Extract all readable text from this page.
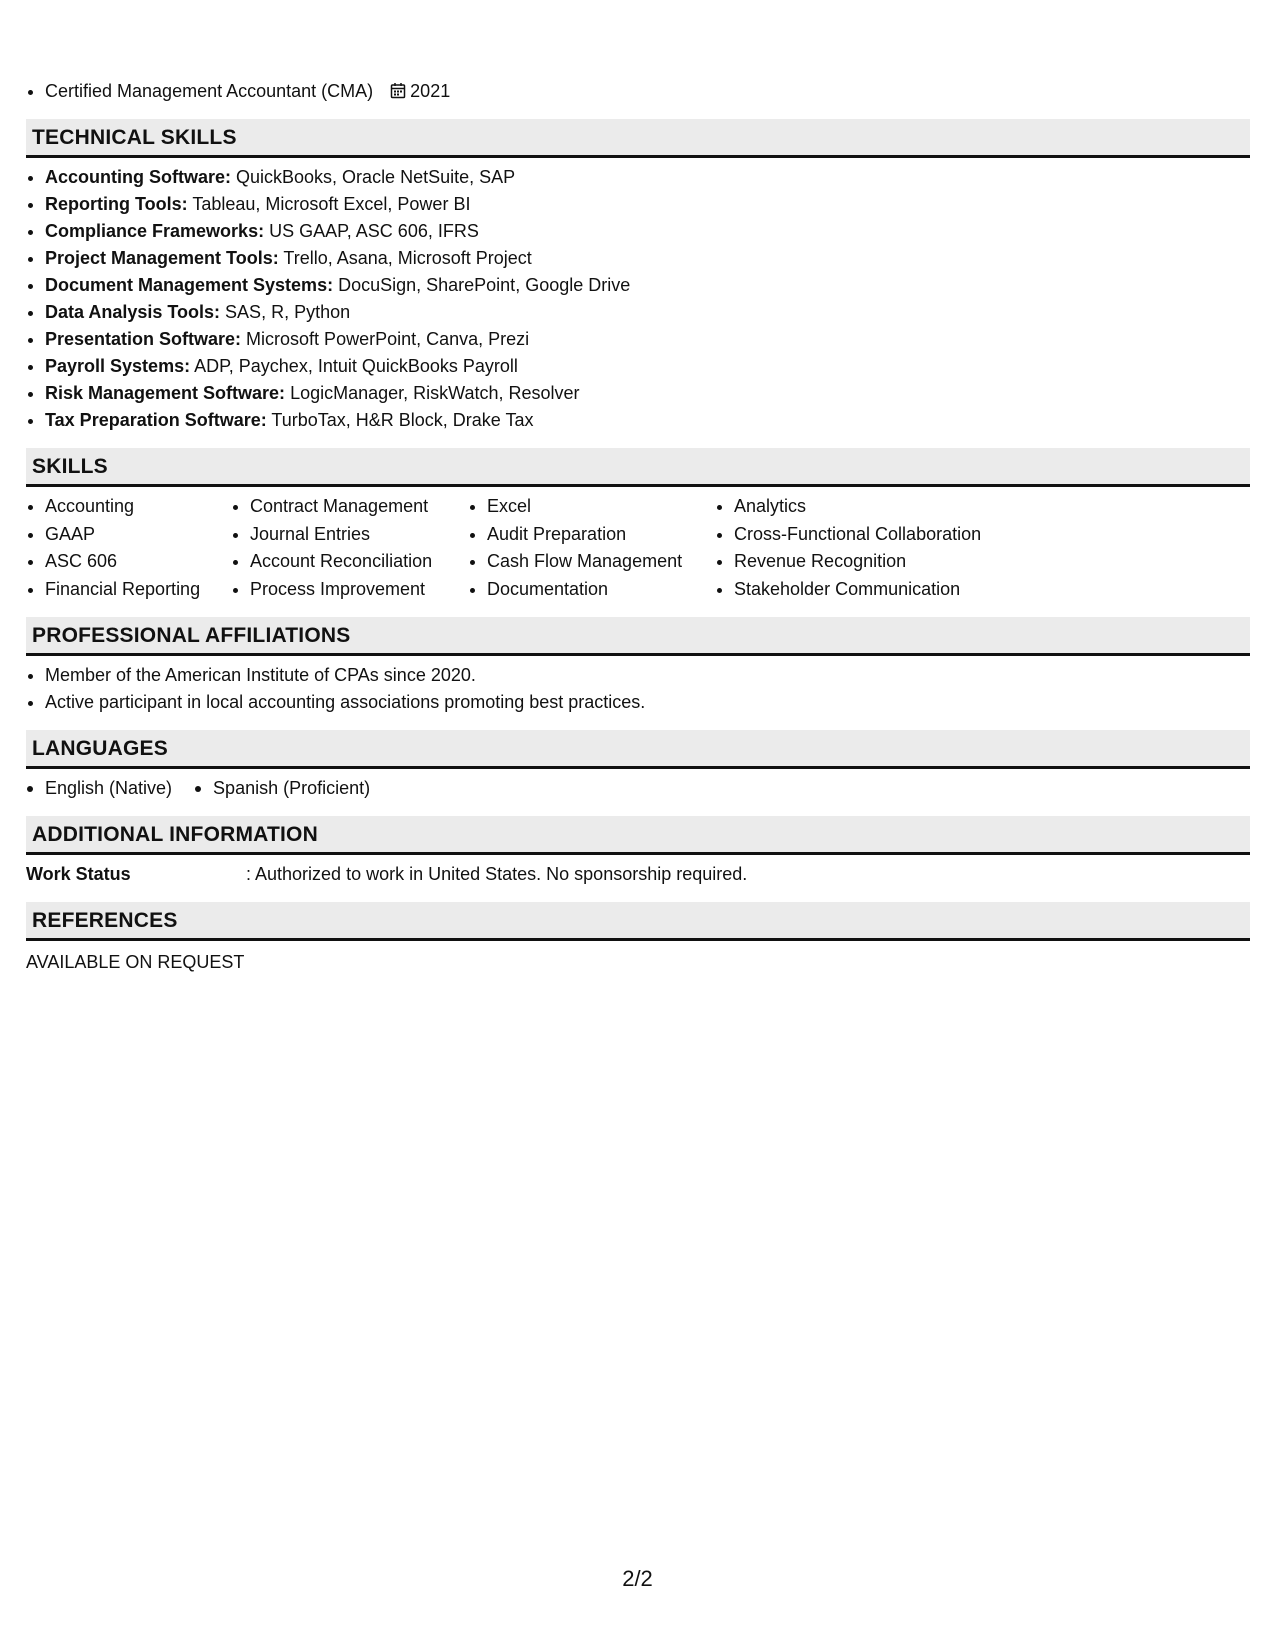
• Certified Management Accountant (CMA) 2021
TECHNICAL SKILLS
• Accounting Software: QuickBooks, Oracle NetSuite, SAP
• Reporting Tools: Tableau, Microsoft Excel, Power BI
• Compliance Frameworks: US GAAP, ASC 606, IFRS
• Project Management Tools: Trello, Asana, Microsoft Project
• Document Management Systems: DocuSign, SharePoint, Google Drive
• Data Analysis Tools: SAS, R, Python
• Presentation Software: Microsoft PowerPoint, Canva, Prezi
• Payroll Systems: ADP, Paychex, Intuit QuickBooks Payroll
• Risk Management Software: LogicManager, RiskWatch, Resolver
• Tax Preparation Software: TurboTax, H&R Block, Drake Tax
SKILLS
• Accounting
• GAAP
• ASC 606
• Financial Reporting
• Contract Management
• Journal Entries
• Account Reconciliation
• Process Improvement
• Excel
• Audit Preparation
• Cash Flow Management
• Documentation
• Analytics
• Cross-Functional Collaboration
• Revenue Recognition
• Stakeholder Communication
PROFESSIONAL AFFILIATIONS
• Member of the American Institute of CPAs since 2020.
• Active participant in local accounting associations promoting best practices.
LANGUAGES
English (Native)	Spanish (Proficient)
ADDITIONAL INFORMATION
Work Status	: Authorized to work in United States. No sponsorship required.
REFERENCES
AVAILABLE ON REQUEST
2/2
